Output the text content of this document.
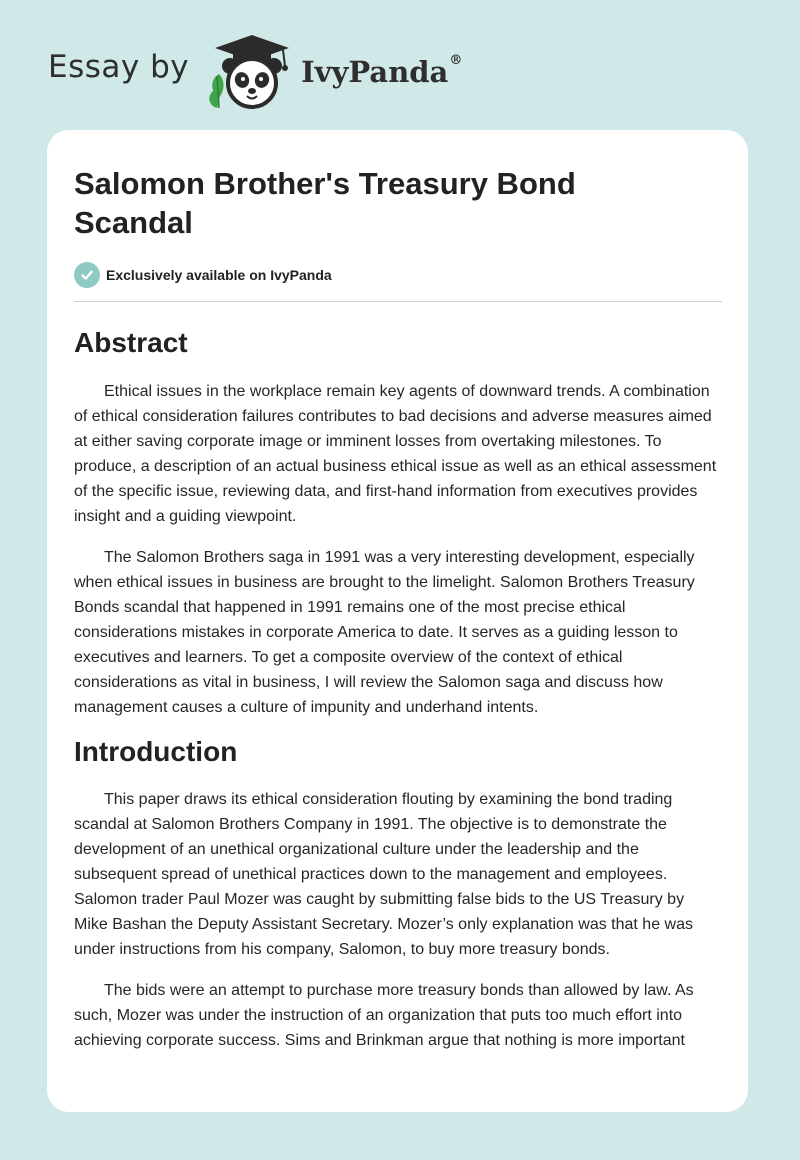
Essay by	IvyPanda®
Salomon Brother's Treasury Bond Scandal
Exclusively available on IvyPanda
Abstract

Ethical issues in the workplace remain key agents of downward trends. A combination of ethical consideration failures contributes to bad decisions and adverse measures aimed at either saving corporate image or imminent losses from overtaking milestones. To produce, a description of an actual business ethical issue as well as an ethical assessment of the specific issue, reviewing data, and first-hand information from executives provides insight and a guiding viewpoint.

The Salomon Brothers saga in 1991 was a very interesting development, especially when ethical issues in business are brought to the limelight. Salomon Brothers Treasury Bonds scandal that happened in 1991 remains one of the most precise ethical considerations mistakes in corporate America to date. It serves as a guiding lesson to executives and learners. To get a composite overview of the context of ethical considerations as vital in business, I will review the Salomon saga and discuss how management causes a culture of impunity and underhand intents.

Introduction

This paper draws its ethical consideration flouting by examining the bond trading scandal at Salomon Brothers Company in 1991. The objective is to demonstrate the development of an unethical organizational culture under the leadership and the subsequent spread of unethical practices down to the management and employees. Salomon trader Paul Mozer was caught by submitting false bids to the US Treasury by Mike Bashan the Deputy Assistant Secretary. Mozer’s only explanation was that he was under instructions from his company, Salomon, to buy more treasury bonds.

The bids were an attempt to purchase more treasury bonds than allowed by law. As such, Mozer was under the instruction of an organization that puts too much effort into achieving corporate success. Sims and Brinkman argue that nothing is more important
